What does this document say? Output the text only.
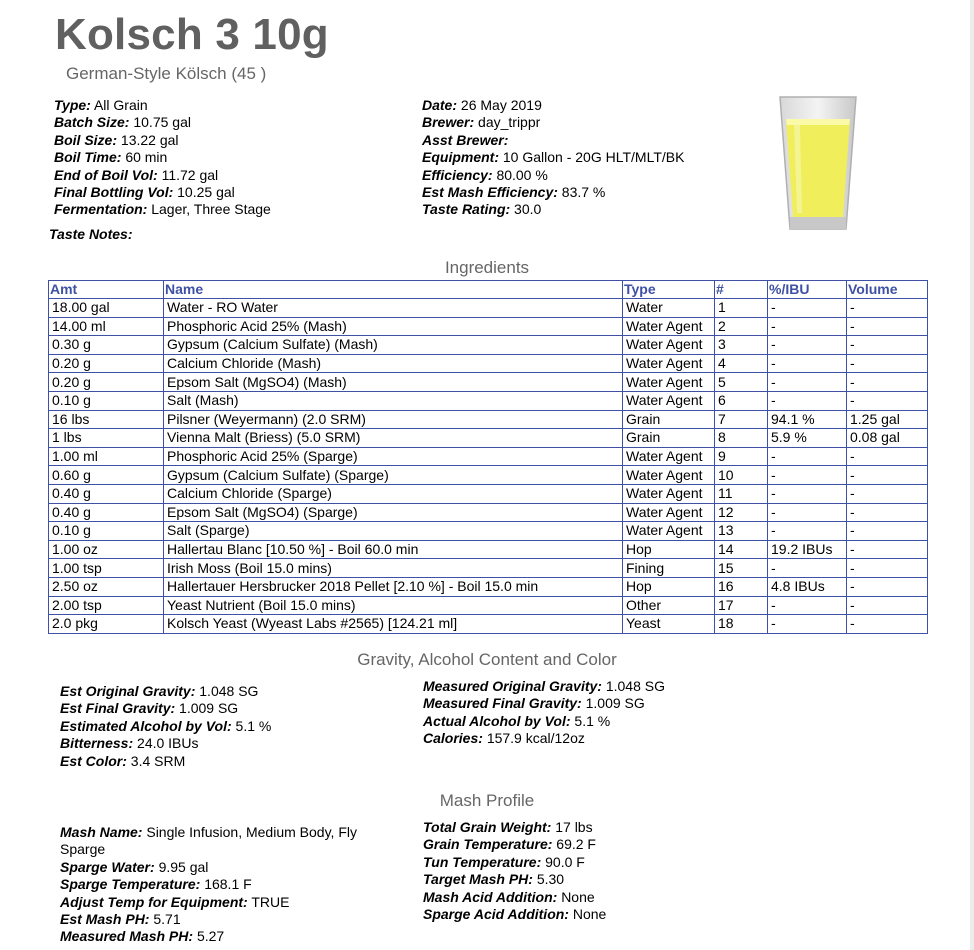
Kolsch 3 10g
German-Style Kölsch (45 )
Type: All Grain
Batch Size: 10.75 gal
Boil Size: 13.22 gal
Boil Time: 60 min
End of Boil Vol: 11.72 gal
Final Bottling Vol: 10.25 gal
Fermentation: Lager, Three Stage
Date: 26 May 2019
Brewer: day_trippr
Asst Brewer:
Equipment: 10 Gallon - 20G HLT/MLT/BK
Efficiency: 80.00 %
Est Mash Efficiency: 83.7 %
Taste Rating: 30.0
Taste Notes:
Ingredients
Amt	Name	Type	#	%/IBU	Volume
18.00 gal	Water - RO Water	Water	1	-	-
14.00 ml	Phosphoric Acid 25% (Mash)	Water Agent	2	-	-
0.30 g	Gypsum (Calcium Sulfate) (Mash)	Water Agent	3	-	-
0.20 g	Calcium Chloride (Mash)	Water Agent	4	-	-
0.20 g	Epsom Salt (MgSO4) (Mash)	Water Agent	5	-	-
0.10 g	Salt (Mash)	Water Agent	6	-	-
16 lbs	Pilsner (Weyermann) (2.0 SRM)	Grain	7	94.1 %	1.25 gal
1 lbs	Vienna Malt (Briess) (5.0 SRM)	Grain	8	5.9 %	0.08 gal
1.00 ml	Phosphoric Acid 25% (Sparge)	Water Agent	9	-	-
0.60 g	Gypsum (Calcium Sulfate) (Sparge)	Water Agent	10	-	-
0.40 g	Calcium Chloride (Sparge)	Water Agent	11	-	-
0.40 g	Epsom Salt (MgSO4) (Sparge)	Water Agent	12	-	-
0.10 g	Salt (Sparge)	Water Agent	13	-	-
1.00 oz	Hallertau Blanc [10.50 %] - Boil 60.0 min	Hop	14	19.2 IBUs	-
1.00 tsp	Irish Moss (Boil 15.0 mins)	Fining	15	-	-
2.50 oz	Hallertauer Hersbrucker 2018 Pellet [2.10 %] - Boil 15.0 min	Hop	16	4.8 IBUs	-
2.00 tsp	Yeast Nutrient (Boil 15.0 mins)	Other	17	-	-
2.0 pkg	Kolsch Yeast (Wyeast Labs #2565) [124.21 ml]	Yeast	18	-	-
Gravity, Alcohol Content and Color
Est Original Gravity: 1.048 SG
Est Final Gravity: 1.009 SG
Estimated Alcohol by Vol: 5.1 %
Bitterness: 24.0 IBUs
Est Color: 3.4 SRM
Measured Original Gravity: 1.048 SG
Measured Final Gravity: 1.009 SG
Actual Alcohol by Vol: 5.1 %
Calories: 157.9 kcal/12oz
Mash Profile
Mash Name: Single Infusion, Medium Body, Fly Sparge
Sparge Water: 9.95 gal
Sparge Temperature: 168.1 F
Adjust Temp for Equipment: TRUE
Est Mash PH: 5.71
Measured Mash PH: 5.27
Total Grain Weight: 17 lbs
Grain Temperature: 69.2 F
Tun Temperature: 90.0 F
Target Mash PH: 5.30
Mash Acid Addition: None
Sparge Acid Addition: None
